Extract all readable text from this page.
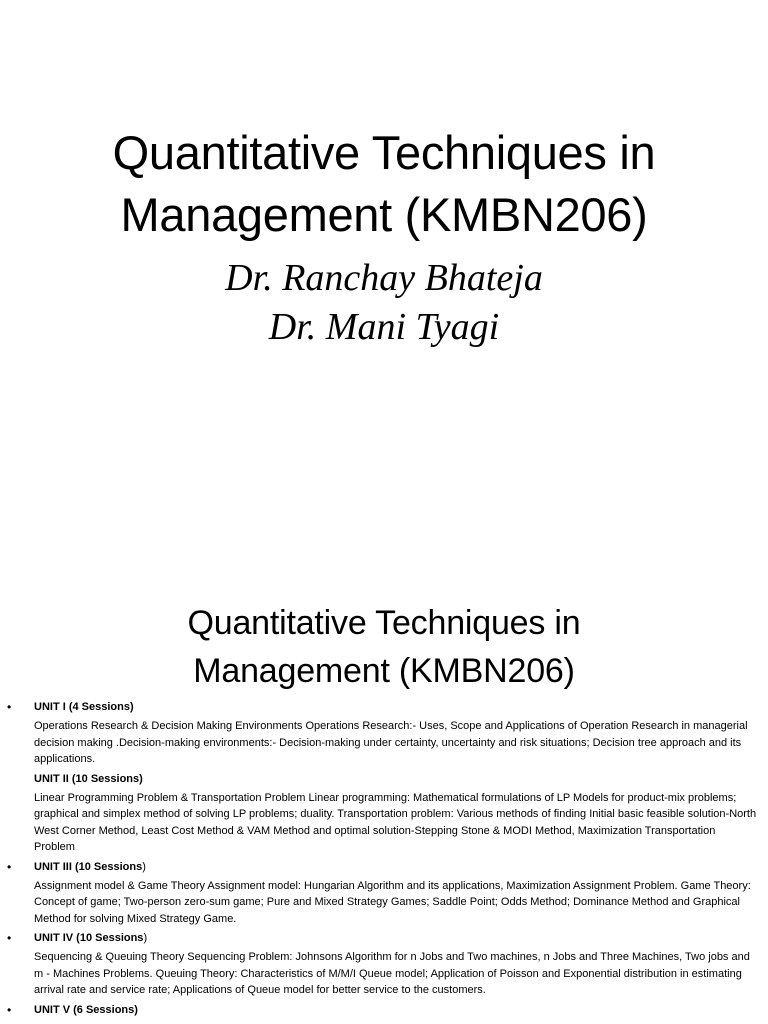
Quantitative Techniques in
Management (KMBN206)
Dr. Ranchay Bhateja
Dr. Mani Tyagi
Quantitative Techniques in
Management (KMBN206)
• UNIT I (4 Sessions)

Operations Research & Decision Making Environments Operations Research:- Uses, Scope and Applications of Operation Research in managerial decision making .Decision-making environments:- Decision-making under certainty, uncertainty and risk situations; Decision tree approach and its applications.

UNIT II (10 Sessions)

Linear Programming Problem & Transportation Problem Linear programming: Mathematical formulations of LP Models for product-mix problems; graphical and simplex method of solving LP problems; duality. Transportation problem: Various methods of finding Initial basic feasible solution-North West Corner Method, Least Cost Method & VAM Method and optimal solution-Stepping Stone & MODI Method, Maximization Transportation Problem

• UNIT III (10 Sessions)

Assignment model & Game Theory Assignment model: Hungarian Algorithm and its applications, Maximization Assignment Problem. Game Theory: Concept of game; Two-person zero-sum game; Pure and Mixed Strategy Games; Saddle Point; Odds Method; Dominance Method and Graphical Method for solving Mixed Strategy Game.

• UNIT IV (10 Sessions)

Sequencing & Queuing Theory Sequencing Problem: Johnsons Algorithm for n Jobs and Two machines, n Jobs and Three Machines, Two jobs and m - Machines Problems. Queuing Theory: Characteristics of M/M/I Queue model; Application of Poisson and Exponential distribution in estimating arrival rate and service rate; Applications of Queue model for better service to the customers.

• UNIT V (6 Sessions)
